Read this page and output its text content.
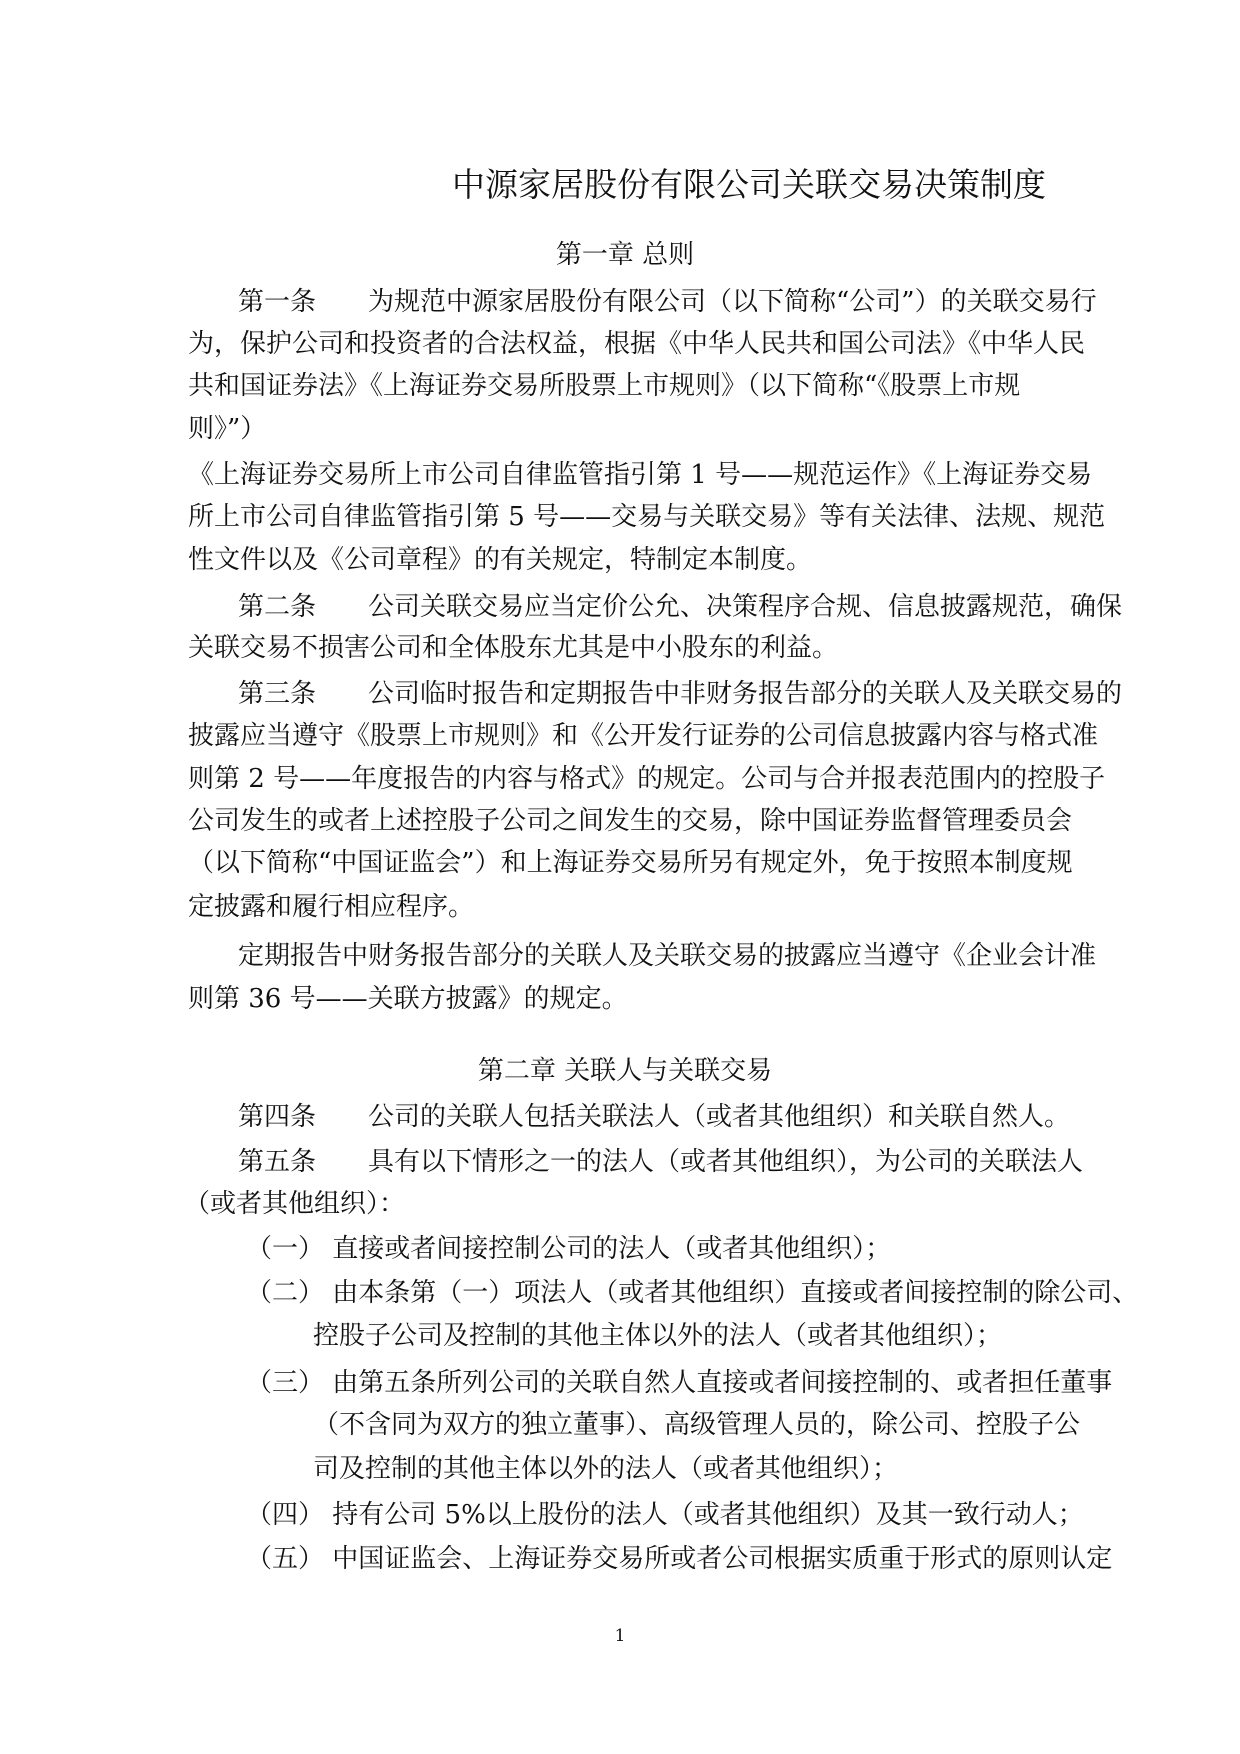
中源家居股份有限公司关联交易决策制度
第一章 总则
第二章 关联人与关联交易
第一条　　为规范中源家居股份有限公司（以下简称“公司”）的关联交易行
为，保护公司和投资者的合法权益，根据《中华人民共和国公司法》《中华人民
共和国证券法》《上海证券交易所股票上市规则》（以下简称“《股票上市规
则》”）
《上海证券交易所上市公司自律监管指引第 1 号——规范运作》《上海证券交易
所上市公司自律监管指引第 5 号——交易与关联交易》等有关法律、法规、规范
性文件以及《公司章程》的有关规定，特制定本制度。
第二条　　公司关联交易应当定价公允、决策程序合规、信息披露规范，确保
关联交易不损害公司和全体股东尤其是中小股东的利益。
第三条　　公司临时报告和定期报告中非财务报告部分的关联人及关联交易的
披露应当遵守《股票上市规则》和《公开发行证券的公司信息披露内容与格式准
则第 2 号——年度报告的内容与格式》的规定。公司与合并报表范围内的控股子
公司发生的或者上述控股子公司之间发生的交易，除中国证券监督管理委员会
（以下简称“中国证监会”）和上海证券交易所另有规定外，免于按照本制度规
定披露和履行相应程序。
定期报告中财务报告部分的关联人及关联交易的披露应当遵守《企业会计准
则第 36 号——关联方披露》的规定。
第四条　　公司的关联人包括关联法人（或者其他组织）和关联自然人。
第五条　　具有以下情形之一的法人（或者其他组织），为公司的关联法人
（或者其他组织）：
（一） 直接或者间接控制公司的法人（或者其他组织）；
（二） 由本条第（一）项法人（或者其他组织）直接或者间接控制的除公司、
控股子公司及控制的其他主体以外的法人（或者其他组织）；
（三） 由第五条所列公司的关联自然人直接或者间接控制的、或者担任董事
（不含同为双方的独立董事）、高级管理人员的，除公司、控股子公
司及控制的其他主体以外的法人（或者其他组织）；
（四） 持有公司 5%以上股份的法人（或者其他组织）及其一致行动人；
（五） 中国证监会、上海证券交易所或者公司根据实质重于形式的原则认定
1
